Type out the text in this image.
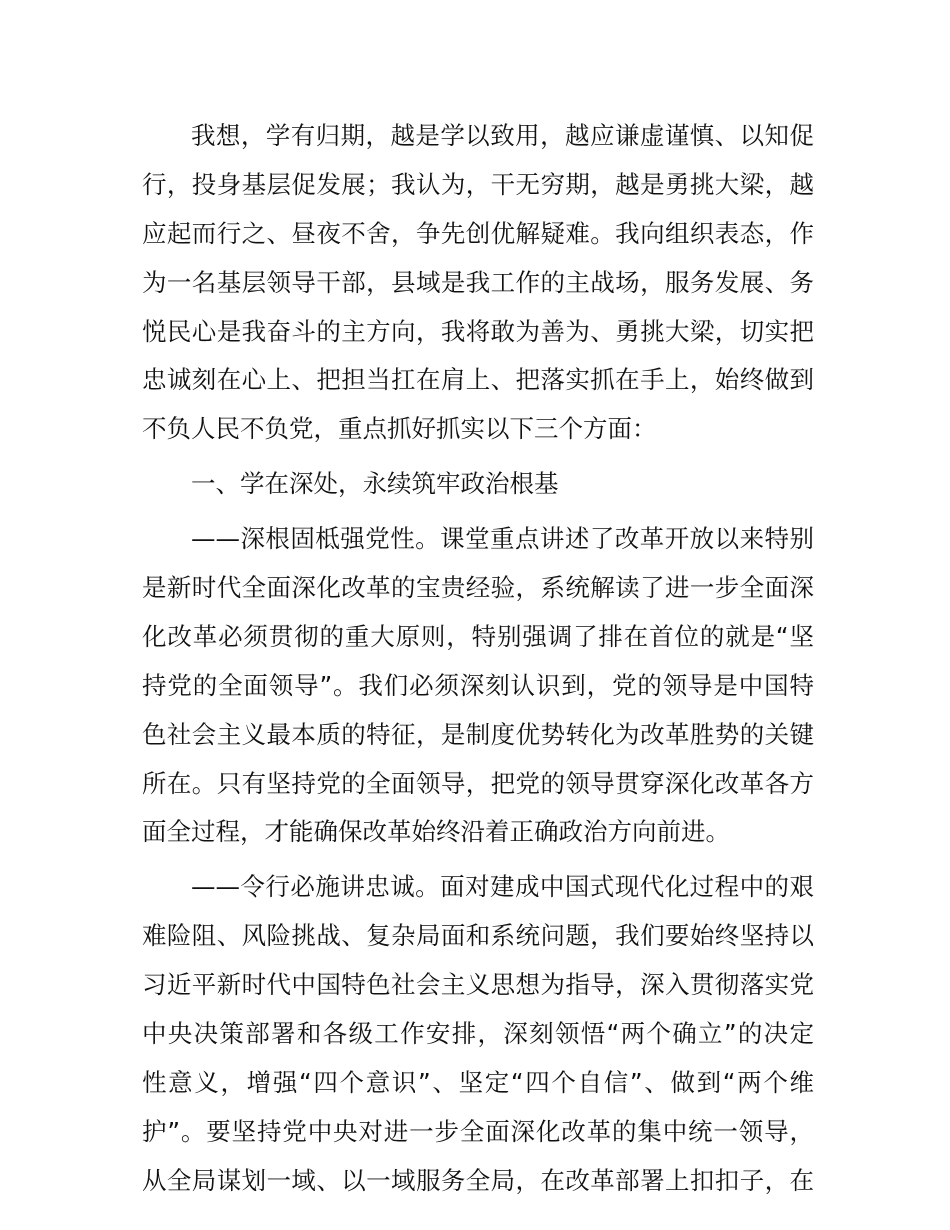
我想，学有归期，越是学以致用，越应谦虚谨慎、以知促
行，投身基层促发展；我认为，干无穷期，越是勇挑大梁，越
应起而行之、昼夜不舍，争先创优解疑难。我向组织表态，作
为一名基层领导干部，县域是我工作的主战场，服务发展、务
悦民心是我奋斗的主方向，我将敢为善为、勇挑大梁，切实把
忠诚刻在心上、把担当扛在肩上、把落实抓在手上，始终做到
不负人民不负党，重点抓好抓实以下三个方面：
一、学在深处，永续筑牢政治根基
——深根固柢强党性。课堂重点讲述了改革开放以来特别
是新时代全面深化改革的宝贵经验，系统解读了进一步全面深
化改革必须贯彻的重大原则，特别强调了排在首位的就是“坚
持党的全面领导”。我们必须深刻认识到，党的领导是中国特
色社会主义最本质的特征，是制度优势转化为改革胜势的关键
所在。只有坚持党的全面领导，把党的领导贯穿深化改革各方
面全过程，才能确保改革始终沿着正确政治方向前进。
——令行必施讲忠诚。面对建成中国式现代化过程中的艰
难险阻、风险挑战、复杂局面和系统问题，我们要始终坚持以
习近平新时代中国特色社会主义思想为指导，深入贯彻落实党
中央决策部署和各级工作安排，深刻领悟“两个确立”的决定
性意义，增强“四个意识”、坚定“四个自信”、做到“两个维
护”。要坚持党中央对进一步全面深化改革的集中统一领导，
从全局谋划一域、以一域服务全局，在改革部署上扣扣子，在
